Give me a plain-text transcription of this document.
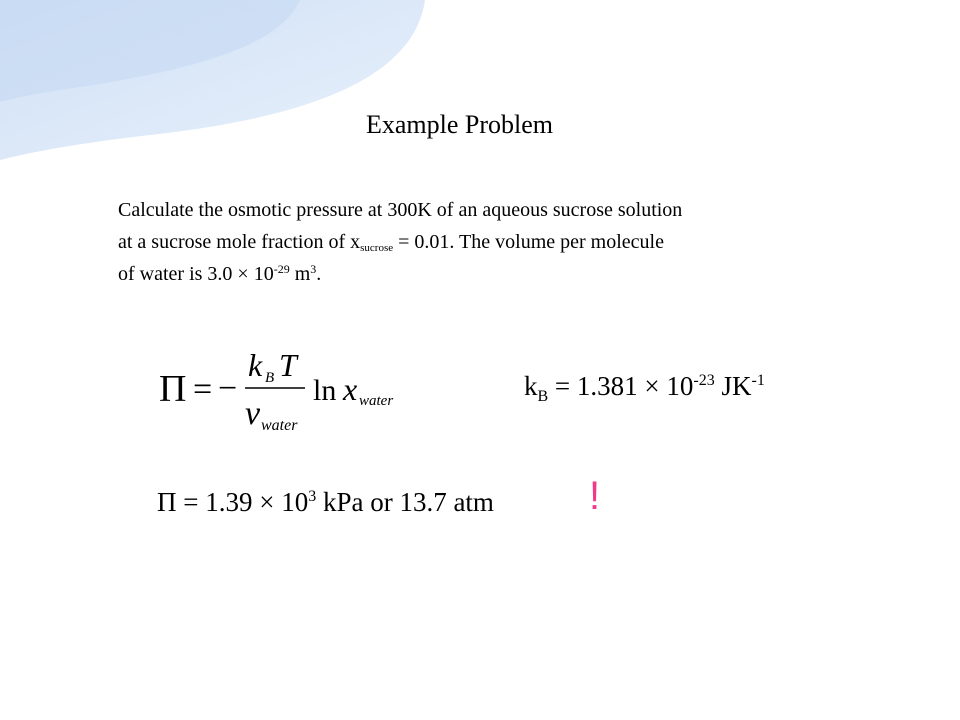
Example Problem
Calculate the osmotic pressure at 300K of an aqueous sucrose solution
at a sucrose mole fraction of $x_{sucrose} = 0.01$. The volume per molecule
of water is $3.0 \times 10^{-29}$ $m^3$.
Π = −
k B T
v water
ln x water	$k_B = 1.381 \times 10^{-23}$ $JK^{-1}$
$\Pi = 1.39 \times 10^3$ kPa or 13.7 atm !
